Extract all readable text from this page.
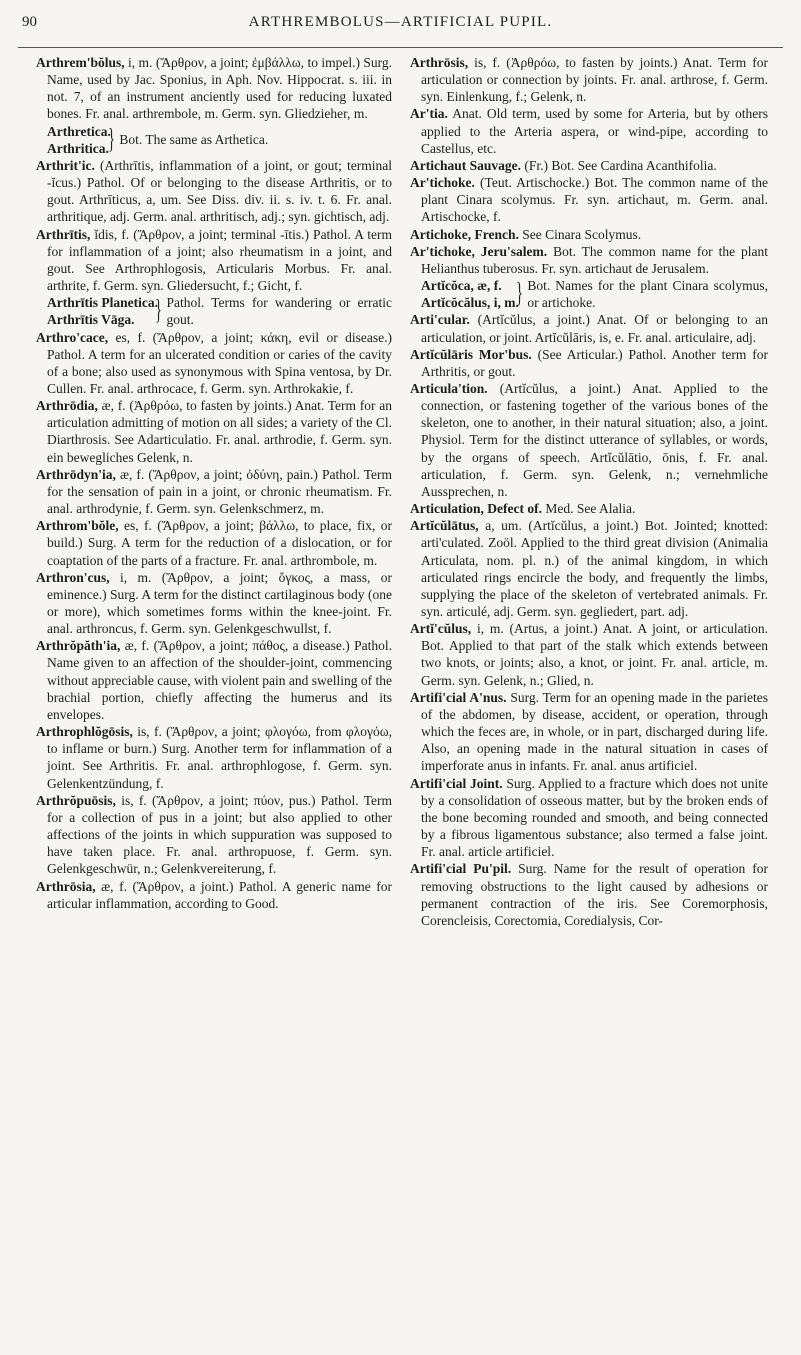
90	ARTHREMBOLUS—ARTIFICIAL PUPIL.
Arthrem'bŏlus, i, m. (Ἄρθρον, a joint; ἐμβάλλω, to impel.) Surg. Name, used by Jac. Sponius, in Aph. Nov. Hippocrat. s. iii. in not. 7, of an instrument anciently used for reducing luxated bones. Fr. anal. arthrembole, m. Germ. syn. Gliedzieher, m.
Arthretica.
Arthritica. } Bot. The same as Arthetica.
Arthrit'ic. (Arthrītis, inflammation of a joint, or gout; terminal -ĭcus.) Pathol. Of or belonging to the disease Arthritis, or to gout. Arthrīticus, a, um. See Diss. div. ii. s. iv. t. 6. Fr. anal. arthritique, adj. Germ. anal. arthritisch, adj.; syn. gichtisch, adj.
Arthrītis, ĭdis, f. (Ἄρθρον, a joint; terminal -ītis.) Pathol. A term for inflammation of a joint; also rheumatism in a joint, and gout. See Arthrophlogosis, Articularis Morbus. Fr. anal. arthrite, f. Germ. syn. Gliedersucht, f.; Gicht, f.
Arthrītis Planetica.
Arthrītis Vāga. } Pathol. Terms for wandering or erratic gout.
Arthro'cace, es, f. (Ἄρθρον, a joint; κάκη, evil or disease.) Pathol. A term for an ulcerated condition or caries of the cavity of a bone; also used as synonymous with Spina ventosa, by Dr. Cullen. Fr. anal. arthrocace, f. Germ. syn. Arthrokakie, f.
Arthrōdia, æ, f. (Ἀρθρόω, to fasten by joints.) Anat. Term for an articulation admitting of motion on all sides; a variety of the Cl. Diarthrosis. See Adarticulatio. Fr. anal. arthrodie, f. Germ. syn. ein bewegliches Gelenk, n.
Arthrōdyn'ia, æ, f. (Ἄρθρον, a joint; ὀδύνη, pain.) Pathol. Term for the sensation of pain in a joint, or chronic rheumatism. Fr. anal. arthrodynie, f. Germ. syn. Gelenkschmerz, m.
Arthrom'bŏle, es, f. (Ἄρθρον, a joint; βάλλω, to place, fix, or build.) Surg. A term for the reduction of a dislocation, or for coaptation of the parts of a fracture. Fr. anal. arthrombole, m.
Arthron'cus, i, m. (Ἄρθρον, a joint; ὄγκος, a mass, or eminence.) Surg. A term for the distinct cartilaginous body (one or more), which sometimes forms within the knee-joint. Fr. anal. arthroncus, f. Germ. syn. Gelenkgeschwullst, f.
Arthrŏpăth'ia, æ, f. (Ἄρθρον, a joint; πάθος, a disease.) Pathol. Name given to an affection of the shoulder-joint, commencing without appreciable cause, with violent pain and swelling of the brachial portion, chiefly affecting the humerus and its envelopes.
Arthrophlŏgōsis, is, f. (Ἄρθρον, a joint; φλογόω, from φλογόω, to inflame or burn.) Surg. Another term for inflammation of a joint. See Arthritis. Fr. anal. arthrophlogose, f. Germ. syn. Gelenkentzündung, f.
Arthrŏpuōsis, is, f. (Ἄρθρον, a joint; πύον, pus.) Pathol. Term for a collection of pus in a joint; but also applied to other affections of the joints in which suppuration was supposed to have taken place. Fr. anal. arthropuose, f. Germ. syn. Gelenkgeschwür, n.; Gelenkvereiterung, f.
Arthrōsia, æ, f. (Ἄρθρον, a joint.) Pathol. A generic name for articular inflammation, according to Good.
Arthrōsis, is, f. (Ἀρθρόω, to fasten by joints.) Anat. Term for articulation or connection by joints. Fr. anal. arthrose, f. Germ. syn. Einlenkung, f.; Gelenk, n.
Ar'tia. Anat. Old term, used by some for Arteria, but by others applied to the Arteria aspera, or wind-pipe, according to Castellus, etc.
Artichaut Sauvage. (Fr.) Bot. See Cardina Acanthifolia.
Ar'tichoke. (Teut. Artischocke.) Bot. The common name of the plant Cinara scolymus. Fr. syn. artichaut, m. Germ. anal. Artischocke, f.
Artichoke, French. See Cinara Scolymus.
Ar'tichoke, Jeru'salem. Bot. The common name for the plant Helianthus tuberosus. Fr. syn. artichaut de Jerusalem.
Artĭcŏca, æ, f.
Artĭcŏcălus, i, m.
} Bot. Names for the plant Cinara scolymus, or artichoke.
Arti'cular. (Artĭcŭlus, a joint.) Anat. Of or belonging to an articulation, or joint. Artĭcŭlāris, is, e. Fr. anal. articulaire, adj.
Artĭcŭlāris Mor'bus. (See Articular.) Pathol. Another term for Arthritis, or gout.
Articula'tion. (Artĭcŭlus, a joint.) Anat. Applied to the connection, or fastening together of the various bones of the skeleton, one to another, in their natural situation; also, a joint. Physiol. Term for the distinct utterance of syllables, or words, by the organs of speech. Artĭcŭlātio, ōnis, f. Fr. anal. articulation, f. Germ. syn. Gelenk, n.; vernehmliche Aussprechen, n.
Articulation, Defect of. Med. See Alalia.
Artĭcŭlātus, a, um. (Artĭcŭlus, a joint.) Bot. Jointed; knotted: arti'culated. Zoöl. Applied to the third great division (Animalia Articulata, nom. pl. n.) of the animal kingdom, in which articulated rings encircle the body, and frequently the limbs, supplying the place of the skeleton of vertebrated animals. Fr. syn. articulé, adj. Germ. syn. gegliedert, part. adj.
Artĭ'cŭlus, i, m. (Artus, a joint.) Anat. A joint, or articulation. Bot. Applied to that part of the stalk which extends between two knots, or joints; also, a knot, or joint. Fr. anal. article, m. Germ. syn. Gelenk, n.; Glied, n.
Artifi'cial A'nus. Surg. Term for an opening made in the parietes of the abdomen, by disease, accident, or operation, through which the feces are, in whole, or in part, discharged during life. Also, an opening made in the natural situation in cases of imperforate anus in infants. Fr. anal. anus artificiel.
Artifi'cial Joint. Surg. Applied to a fracture which does not unite by a consolidation of osseous matter, but by the broken ends of the bone becoming rounded and smooth, and being connected by a fibrous ligamentous substance; also termed a false joint. Fr. anal. article artificiel.
Artifi'cial Pu'pil. Surg. Name for the result of operation for removing obstructions to the light caused by adhesions or permanent contraction of the iris. See Coremorphosis, Corencleisis, Corectomia, Coredialysis, Cor-
